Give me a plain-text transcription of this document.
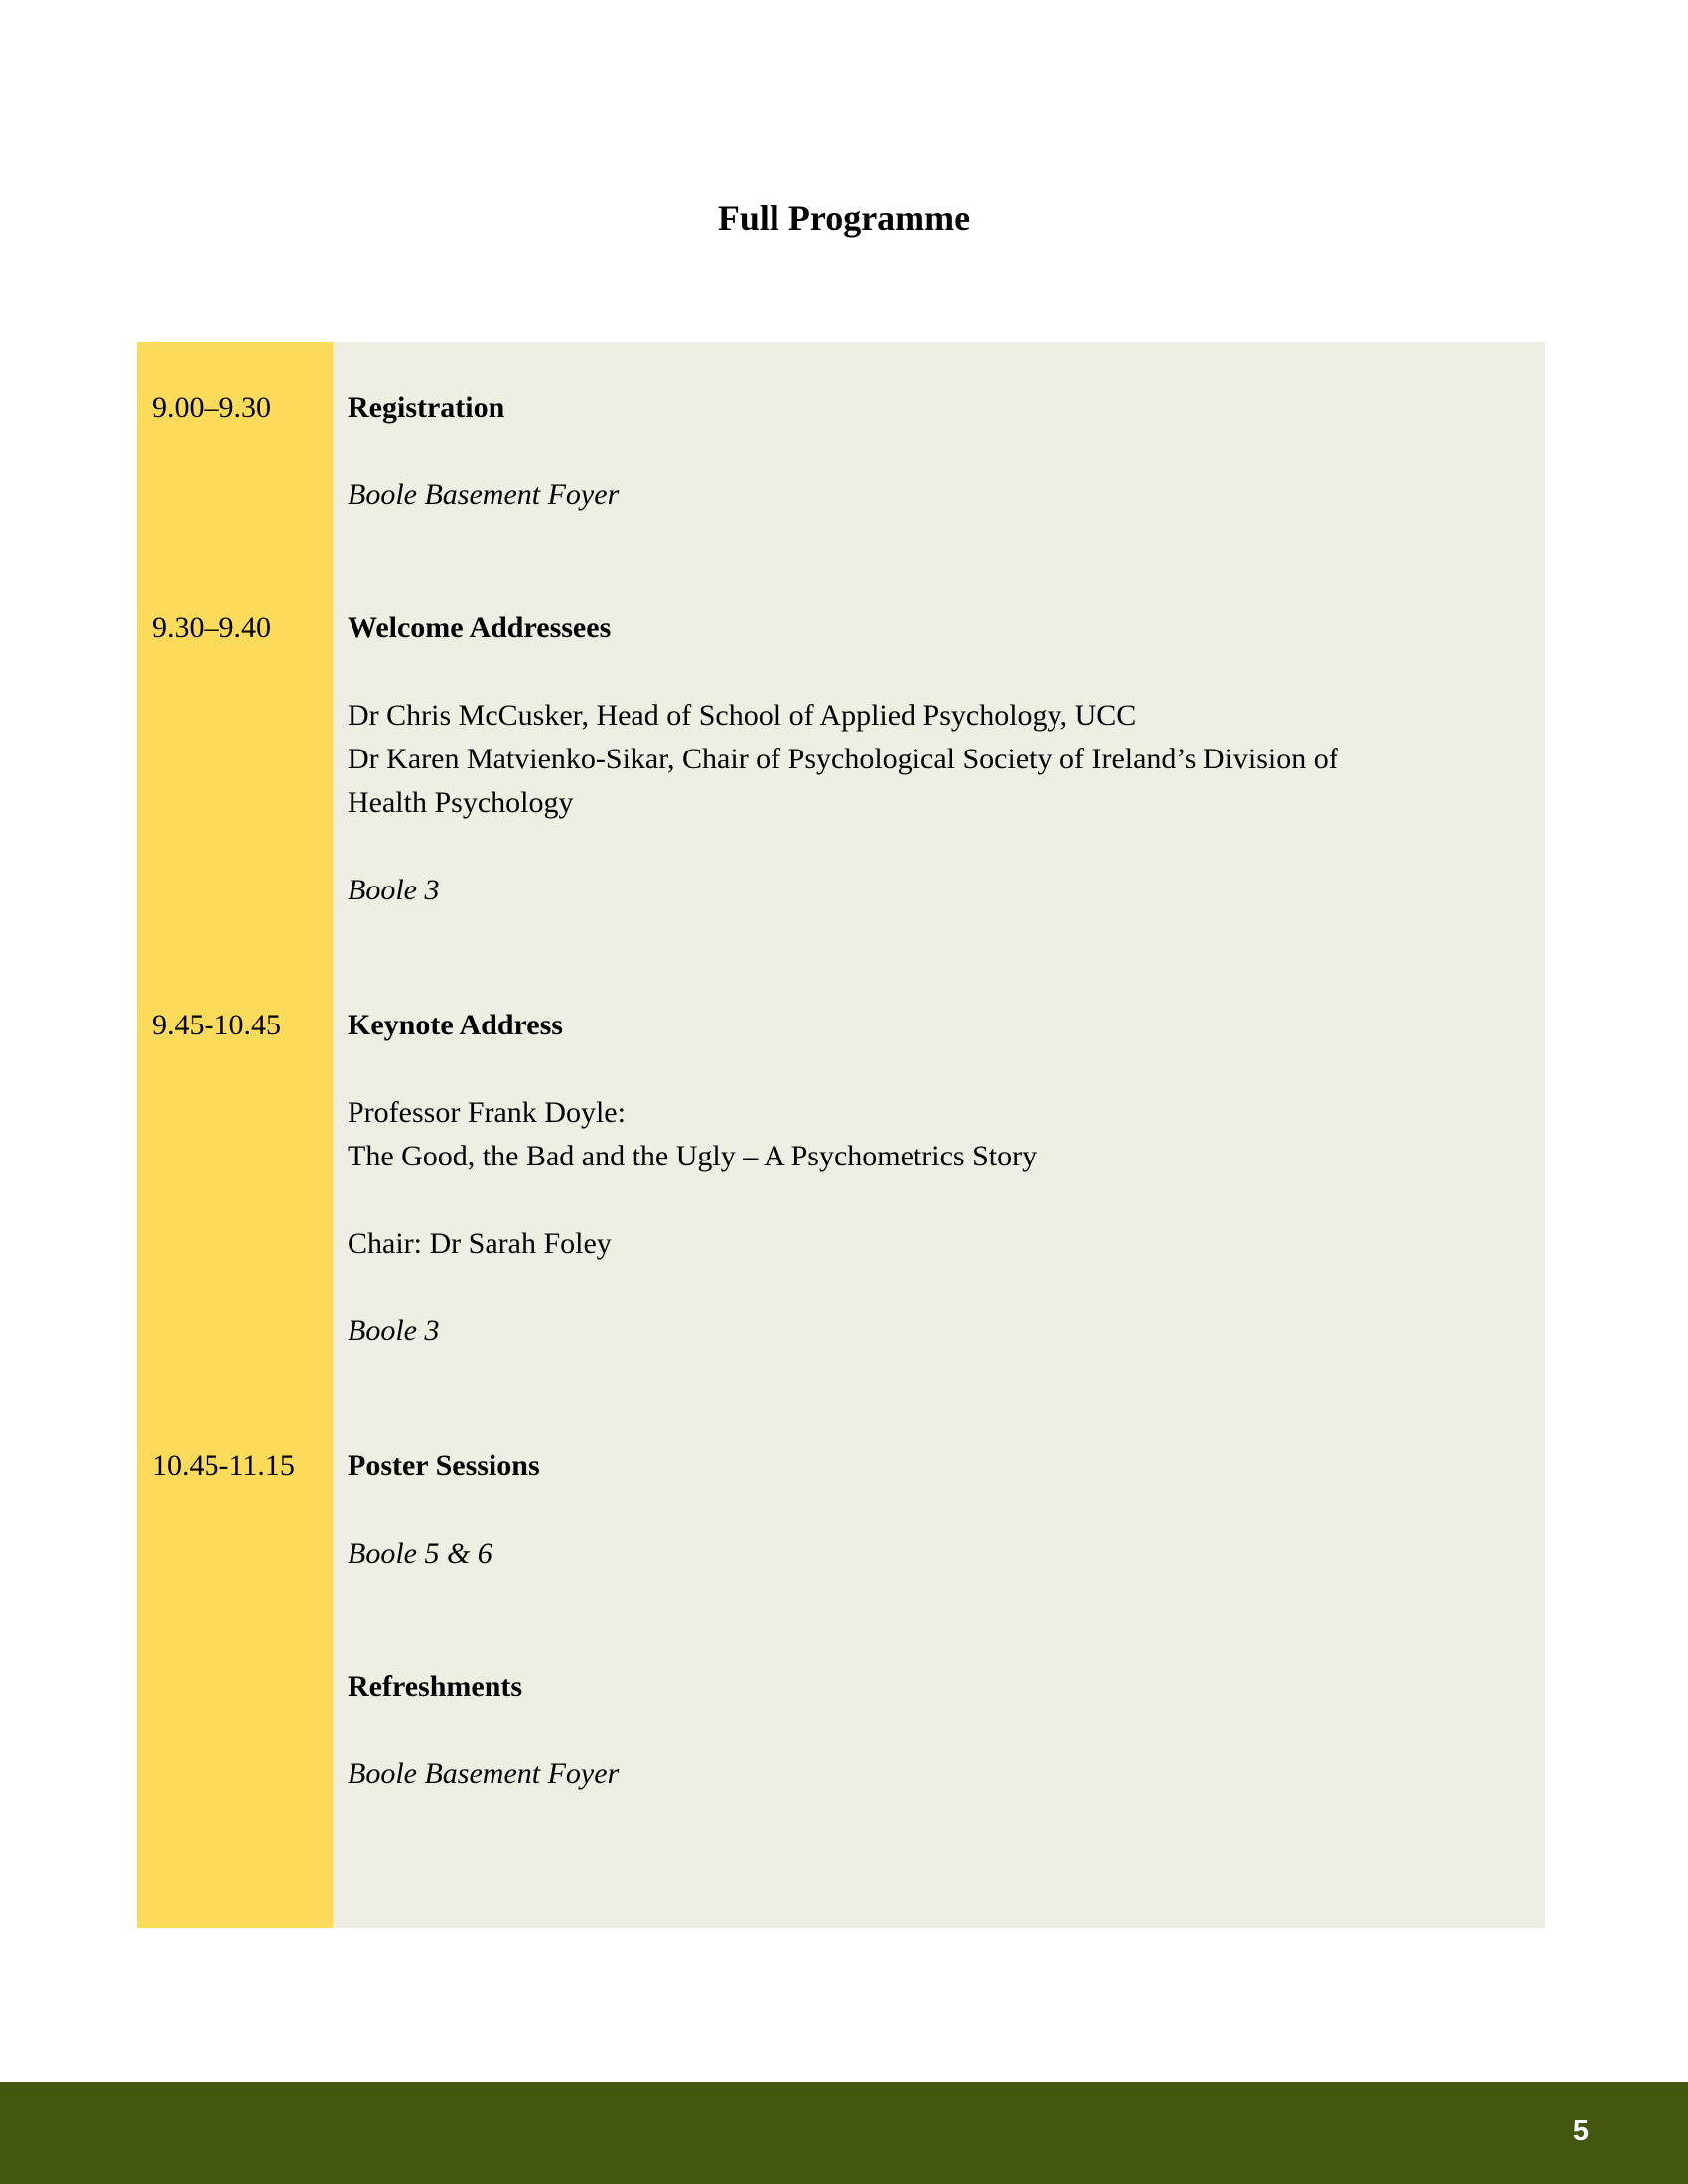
Full Programme
9.00–9.30	Registration

Boole Basement Foyer

9.30–9.40	Welcome Addressees

Dr Chris McCusker, Head of School of Applied Psychology, UCC

Dr Karen Matvienko-Sikar, Chair of Psychological Society of Ireland’s Division of

Health Psychology

Boole 3

9.45-10.45 Keynote Address

Professor Frank Doyle:

The Good, the Bad and the Ugly – A Psychometrics Story

Chair: Dr Sarah Foley

Boole 3

10.45-11.15 Poster Sessions

Boole 5 & 6

Refreshments

Boole Basement Foyer

5
